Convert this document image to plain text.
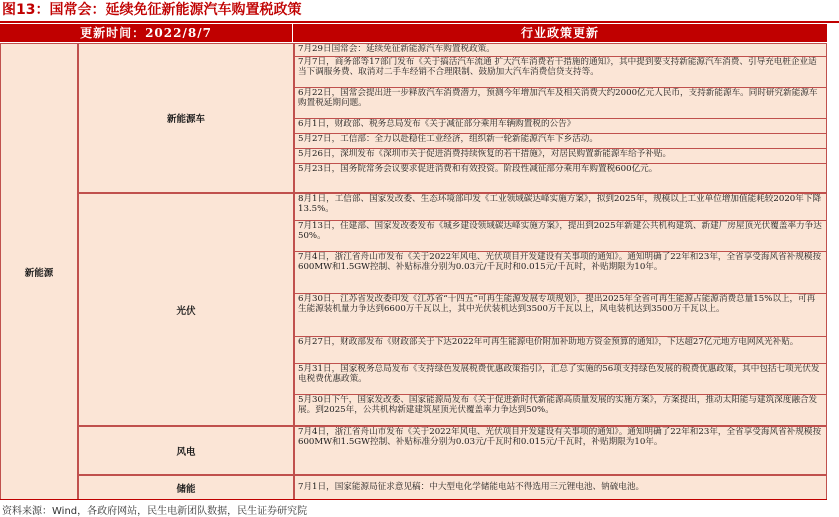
图13：国常会：延续免征新能源汽车购置税政策
更新时间：2022/8/7	行业政策更新
新能源
新能源车
光伏
风电
储能
7月29日国常会：延续免征新能源汽车购置税政策。
7月7日，商务部等17部门发布《关于搞活汽车流通 扩大汽车消费若干措施的通知》，其中提到要支持新能源汽车消费、引导充电桩企业适当下调服务费、取消对二手车经销不合理限制、鼓励加大汽车消费信贷支持等。
6月22日，国常会提出进一步释放汽车消费潜力，预测今年增加汽车及相关消费大约2000亿元人民币，支持新能源车。同时研究新能源车购置税延期问题。
6月1日，财政部、税务总局发布《关于减征部分乘用车辆购置税的公告》
5月27日，工信部：全力以赴稳住工业经济，组织新一轮新能源汽车下乡活动。
5月26日，深圳发布《深圳市关于促进消费持续恢复的若干措施》，对居民购置新能源车给予补贴。
5月23日，国务院常务会议要求促进消费和有效投资。阶段性减征部分乘用车购置税600亿元。
8月1日，工信部、国家发改委、生态环境部印发《工业领域碳达峰实施方案》，拟到2025年，规模以上工业单位增加值能耗较2020年下降13.5%。
7月13日，住建部、国家发改委发布《城乡建设领域碳达峰实施方案》，提出到2025年新建公共机构建筑、新建厂房屋顶光伏覆盖率力争达50%。
7月4日，浙江省舟山市发布《关于2022年风电、光伏项目开发建设有关事项的通知》。通知明确了22年和23年，全省享受海风省补规模按600MW和1.5GW控制、补贴标准分别为0.03元/千瓦时和0.015元/千瓦时，补贴期限为10年。
6月30日，江苏省发改委印发《江苏省“十四五”可再生能源发展专项规划》，提出2025年全省可再生能源占能源消费总量15%以上，可再生能源装机量力争达到6600万千瓦以上，其中光伏装机达到3500万千瓦以上，风电装机达到3500万千瓦以上。
6月27日，财政部发布《财政部关于下达2022年可再生能源电价附加补助地方资金预算的通知》，下达超27亿元地方电网风光补贴。
5月31日，国家税务总局发布《支持绿色发展税费优惠政策指引》，汇总了实施的56项支持绿色发展的税费优惠政策，其中包括七项光伏发电税费优惠政策。
5月30日下午，国家发改委、国家能源局发布《关于促进新时代新能源高质量发展的实施方案》，方案提出，推动太阳能与建筑深度融合发展。到2025年，公共机构新建建筑屋顶光伏覆盖率力争达到50%。
7月4日，浙江省舟山市发布《关于2022年风电、光伏项目开发建设有关事项的通知》。通知明确了22年和23年，全省享受海风省补规模按600MW和1.5GW控制、补贴标准分别为0.03元/千瓦时和0.015元/千瓦时，补贴期限为10年。
7月1日，国家能源局征求意见稿：中大型电化学储能电站不得选用三元锂电池、钠硫电池。
资料来源：Wind，各政府网站，民生电新团队数据，民生证券研究院
